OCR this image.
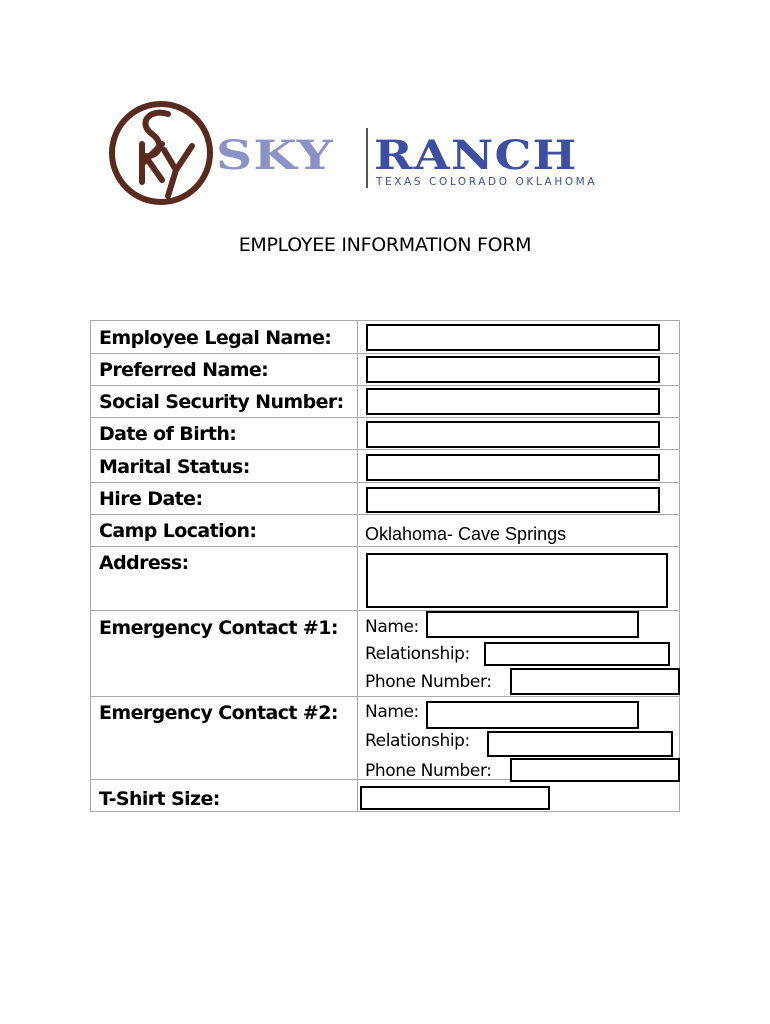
SKY RANCH
TEXAS COLORADO OKLAHOMA
EMPLOYEE INFORMATION FORM
Employee Legal Name:
Preferred Name:
Social Security Number:
Date of Birth:
Marital Status:
Hire Date:
Camp Location:
Address:
Emergency Contact #1:
Emergency Contact #2:
T-Shirt Size:
Oklahoma- Cave Springs
Name:
Relationship:
Phone Number:
Name:
Relationship:
Phone Number:
